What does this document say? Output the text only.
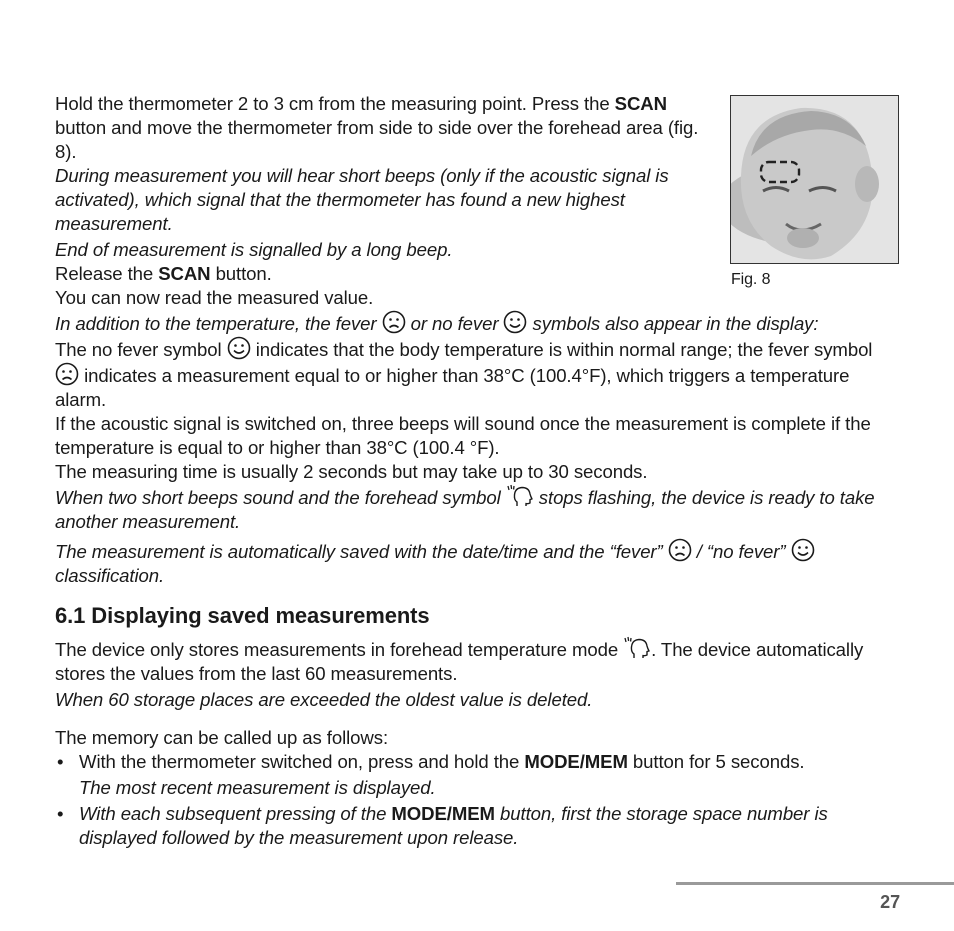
Hold the thermometer 2 to 3 cm from the measuring point. Press the SCAN button and move the thermometer from side to side over the forehead area (fig. 8).

During measurement you will hear short beeps (only if the acoustic signal is activated), which signal that the thermometer has found a new highest measurement.

End of measurement is signalled by a long beep.

Release the SCAN button.

You can now read the measured value.

In addition to the temperature, the fever  or no fever  symbols also appear in the display:

The no fever symbol  indicates that the body temperature is within normal range; the fever symbol  indicates a measurement equal to or higher than 38°C (100.4°F), which triggers a temperature alarm.

If the acoustic signal is switched on, three beeps will sound once the measurement is complete if the temperature is equal to or higher than 38°C (100.4 °F).

The measuring time is usually 2 seconds but may take up to 30 seconds.

When two short beeps sound and the forehead symbol  stops flashing, the device is ready to take another measurement.

The measurement is automatically saved with the date/time and the “fever”  / “no fever”  classification.

6.1 Displaying saved measurements

The device only stores measurements in forehead temperature mode . The device automatically stores the values from the last 60 measurements.

When 60 storage places are exceeded the oldest value is deleted.

The memory can be called up as follows:

• With the thermometer switched on, press and hold the MODE/MEM button for 5 seconds.
The most recent measurement is displayed.
• With each subsequent pressing of the MODE/MEM button, first the storage space number is displayed followed by the measurement upon release.
Fig. 8
27
